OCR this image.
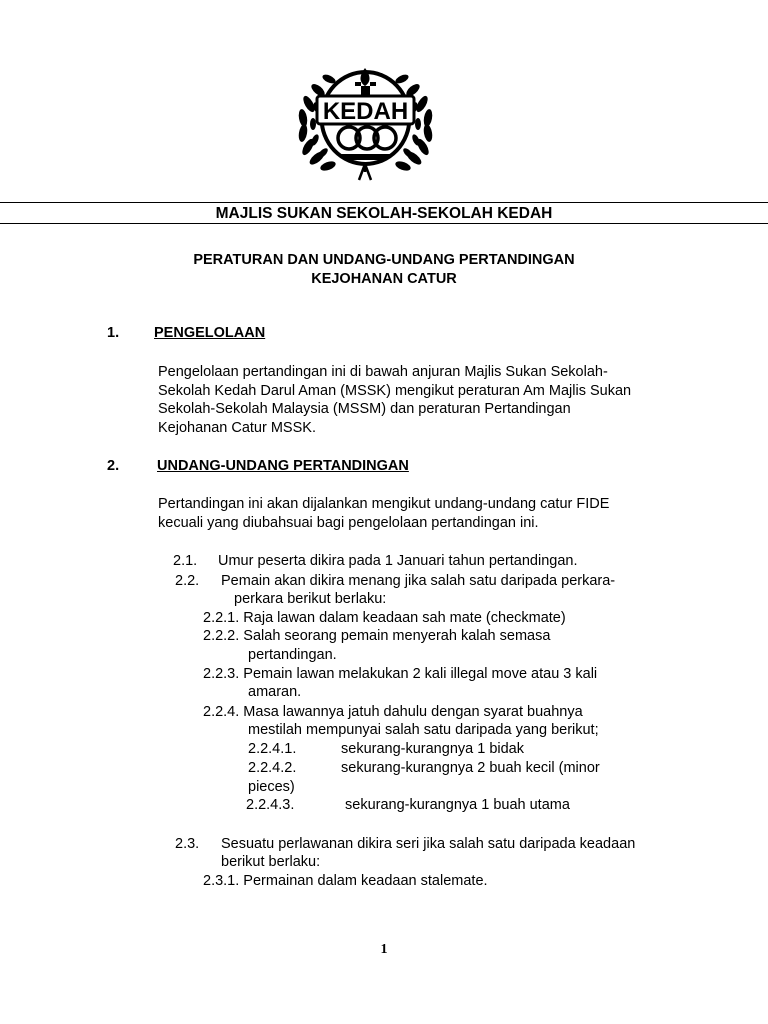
KEDAH
MAJLIS SUKAN SEKOLAH-SEKOLAH KEDAH
PERATURAN DAN UNDANG-UNDANG PERTANDINGAN
KEJOHANAN CATUR
1. PENGELOLAAN
Pengelolaan pertandingan ini di bawah anjuran Majlis Sukan Sekolah-
Sekolah Kedah Darul Aman (MSSK) mengikut peraturan Am Majlis Sukan
Sekolah-Sekolah Malaysia (MSSM) dan peraturan Pertandingan
Kejohanan Catur MSSK.
2.	UNDANG-UNDANG PERTANDINGAN
Pertandingan ini akan dijalankan mengikut undang-undang catur FIDE
kecuali yang diubahsuai bagi pengelolaan pertandingan ini.
2.1. Umur peserta dikira pada 1 Januari tahun pertandingan.
2.2. Pemain akan dikira menang jika salah satu daripada perkara-
perkara berikut berlaku:
2.2.1. Raja lawan dalam keadaan sah mate (checkmate)
2.2.2. Salah seorang pemain menyerah kalah semasa
pertandingan.
2.2.3. Pemain lawan melakukan 2 kali illegal move atau 3 kali
amaran.
2.2.4. Masa lawannya jatuh dahulu dengan syarat buahnya
mestilah mempunyai salah satu daripada yang berikut;
2.2.4.1.	sekurang-kurangnya 1 bidak
2.2.4.2.	sekurang-kurangnya 2 buah kecil (minor
pieces)
2.2.4.3.	sekurang-kurangnya 1 buah utama
2.3. Sesuatu perlawanan dikira seri jika salah satu daripada keadaan
berikut berlaku:
2.3.1. Permainan dalam keadaan stalemate.
1
